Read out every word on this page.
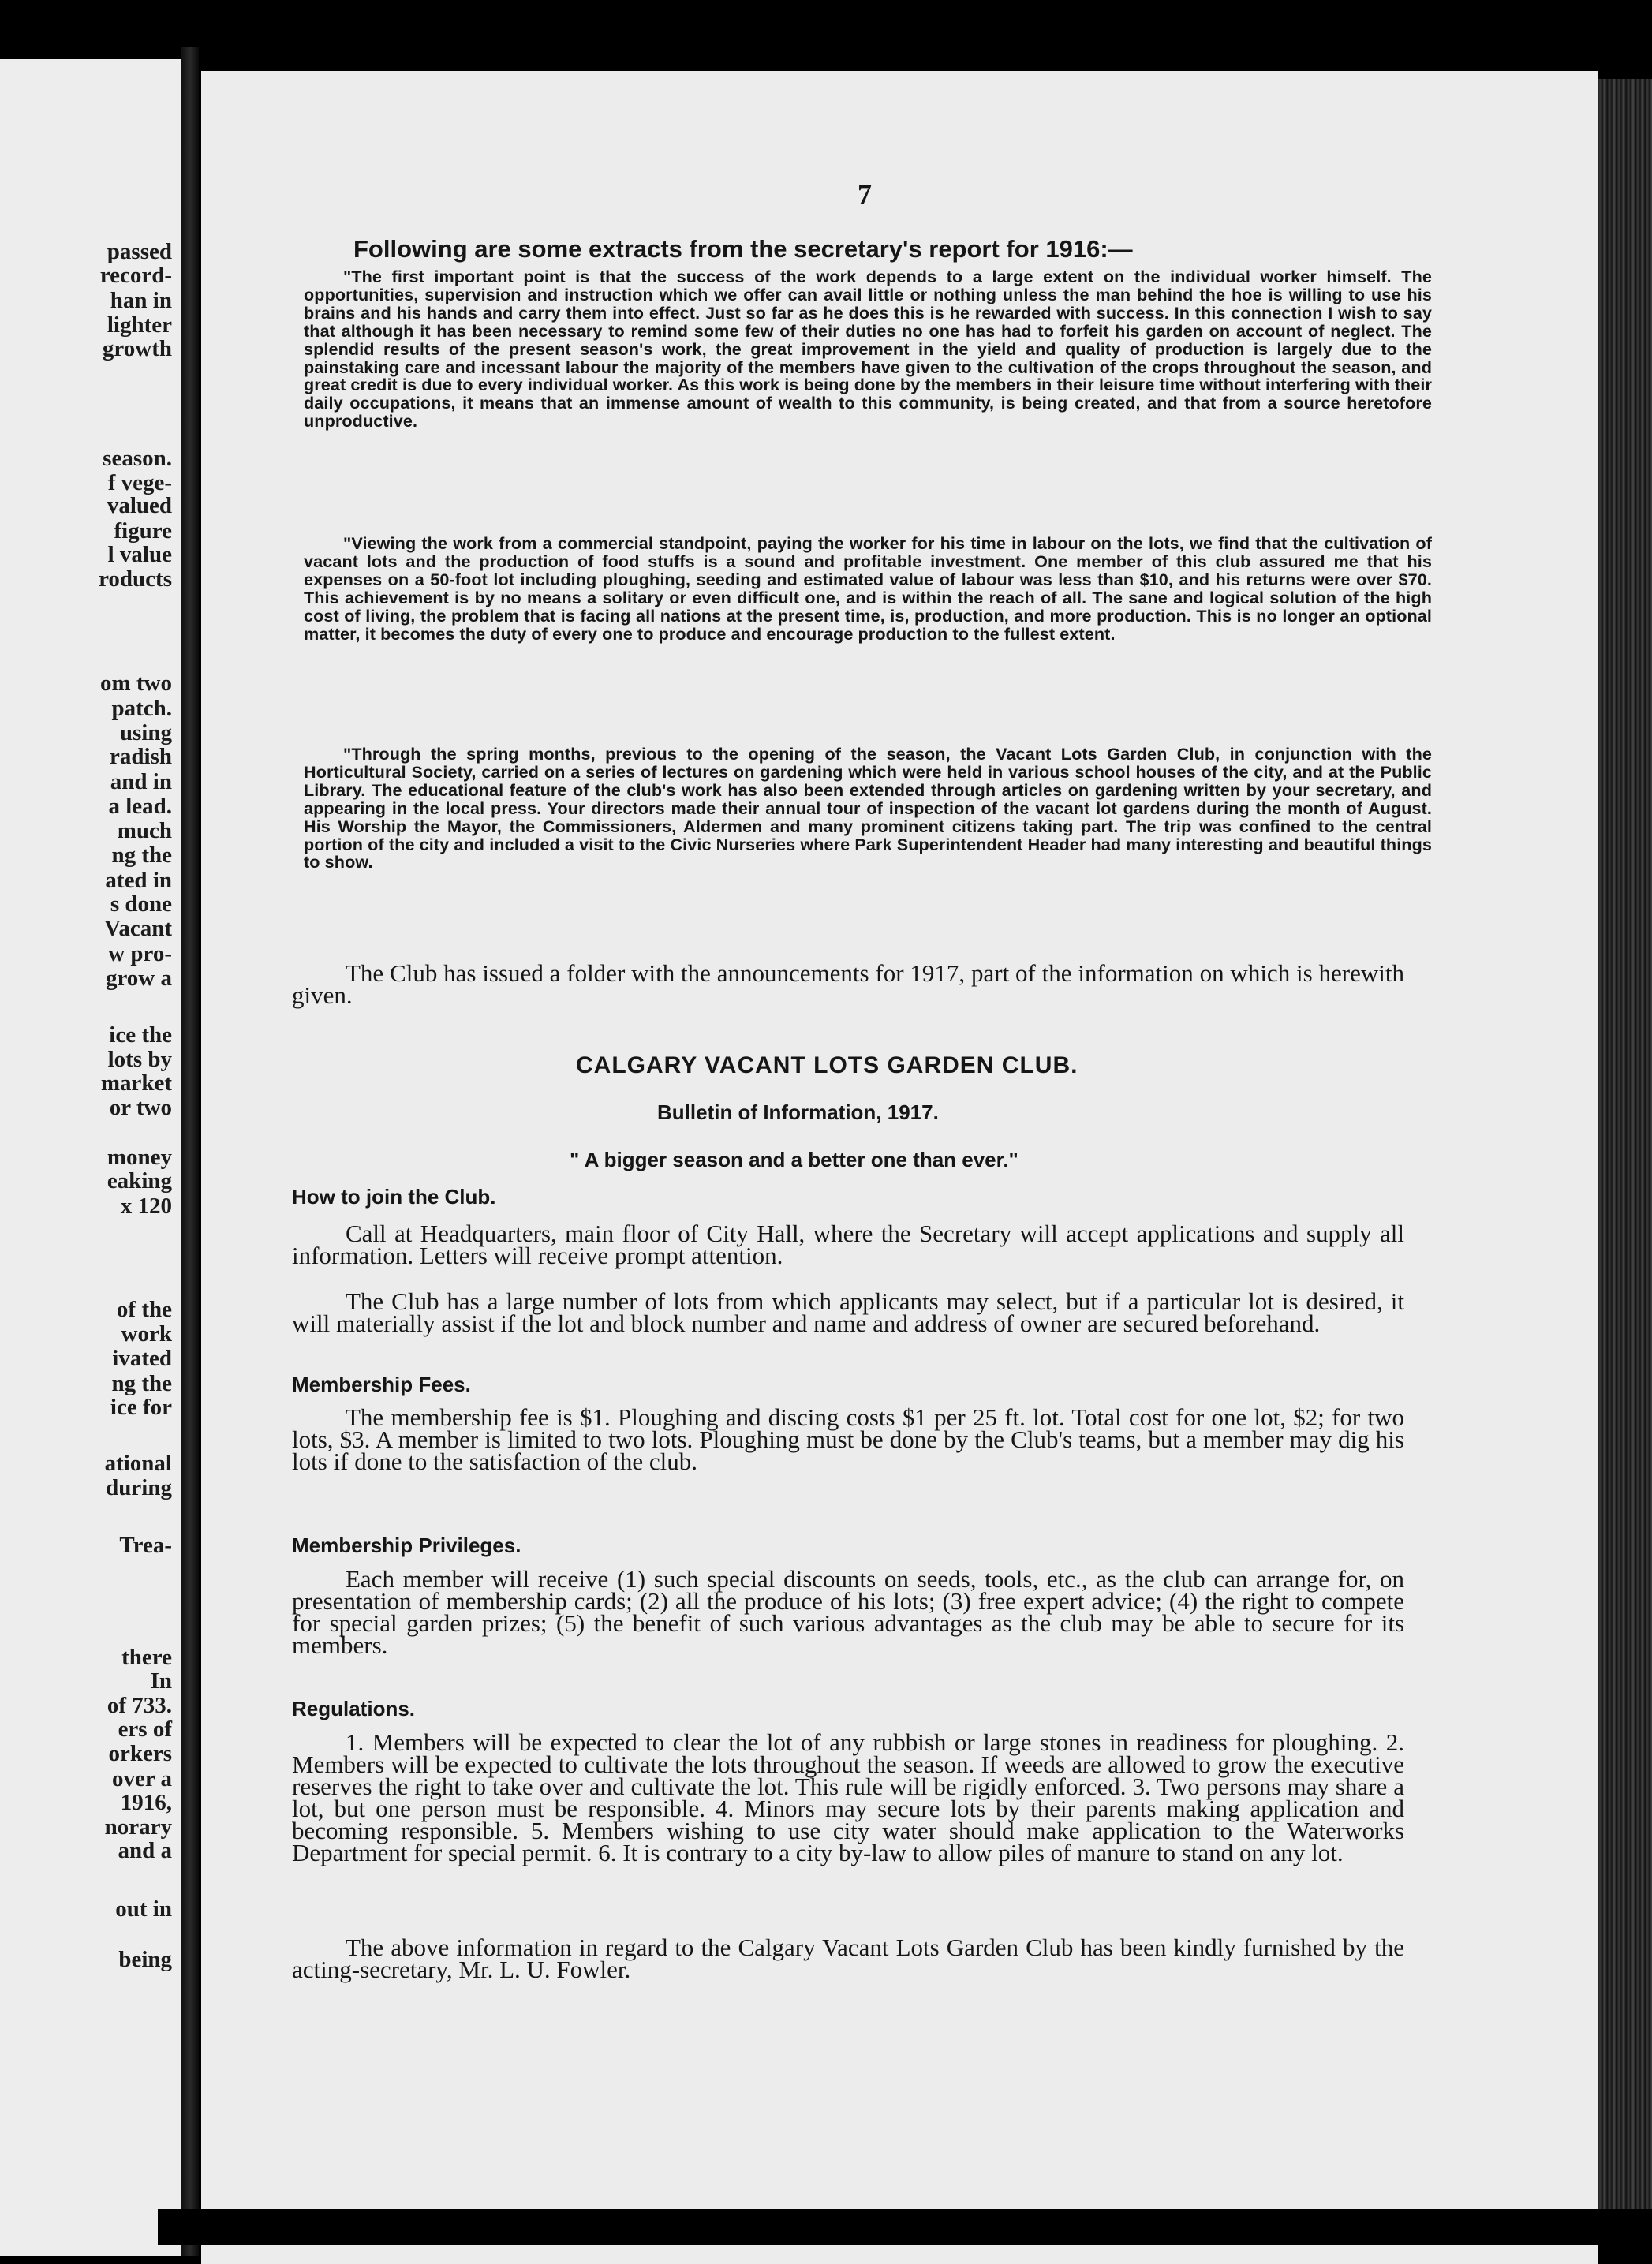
passed
record-
han in
lighter
growth
season.
f vege-
valued
figure
l value
roducts
om two
patch.
using
radish
and in
a lead.
much
ng the
ated in
s done
Vacant
w pro-
grow a
ice the
lots by
market
or two
money
eaking
x 120
of the
work
ivated
ng the
ice for
ational
during
Trea-
there
In
of 733.
ers of
orkers
over a
1916,
norary
and a
out in
being
7
Following are some extracts from the secretary's report for 1916:—

"The first important point is that the success of the work depends to a large extent on the individual worker himself. The opportunities, supervision and instruction which we offer can avail little or nothing unless the man behind the hoe is willing to use his brains and his hands and carry them into effect. Just so far as he does this is he rewarded with success. In this connection I wish to say that although it has been necessary to remind some few of their duties no one has had to forfeit his garden on account of neglect. The splendid results of the present season's work, the great improvement in the yield and quality of production is largely due to the painstaking care and incessant labour the majority of the members have given to the cultivation of the crops throughout the season, and great credit is due to every individual worker. As this work is being done by the members in their leisure time without interfering with their daily occupations, it means that an immense amount of wealth to this community, is being created, and that from a source heretofore unproductive.

"Viewing the work from a commercial standpoint, paying the worker for his time in labour on the lots, we find that the cultivation of vacant lots and the production of food stuffs is a sound and profitable investment. One member of this club assured me that his expenses on a 50-foot lot including ploughing, seeding and estimated value of labour was less than $10, and his returns were over $70. This achievement is by no means a solitary or even difficult one, and is within the reach of all. The sane and logical solution of the high cost of living, the problem that is facing all nations at the present time, is, production, and more production. This is no longer an optional matter, it becomes the duty of every one to produce and encourage production to the fullest extent.

"Through the spring months, previous to the opening of the season, the Vacant Lots Garden Club, in conjunction with the Horticultural Society, carried on a series of lectures on gardening which were held in various school houses of the city, and at the Public Library. The educational feature of the club's work has also been extended through articles on gardening written by your secretary, and appearing in the local press. Your directors made their annual tour of inspection of the vacant lot gardens during the month of August. His Worship the Mayor, the Commissioners, Aldermen and many prominent citizens taking part. The trip was confined to the central portion of the city and included a visit to the Civic Nurseries where Park Superintendent Header had many interesting and beautiful things to show.

The Club has issued a folder with the announcements for 1917, part of the information on which is herewith given.

CALGARY VACANT LOTS GARDEN CLUB.
Bulletin of Information, 1917.
" A bigger season and a better one than ever."
How to join the Club.

Call at Headquarters, main floor of City Hall, where the Secretary will accept applications and supply all information. Letters will receive prompt attention.

The Club has a large number of lots from which applicants may select, but if a particular lot is desired, it will materially assist if the lot and block number and name and address of owner are secured beforehand.

Membership Fees.

The membership fee is $1. Ploughing and discing costs $1 per 25 ft. lot. Total cost for one lot, $2; for two lots, $3. A member is limited to two lots. Ploughing must be done by the Club's teams, but a member may dig his lots if done to the satisfaction of the club.

Membership Privileges.

Each member will receive (1) such special discounts on seeds, tools, etc., as the club can arrange for, on presentation of membership cards; (2) all the produce of his lots; (3) free expert advice; (4) the right to compete for special garden prizes; (5) the benefit of such various advantages as the club may be able to secure for its members.

Regulations.

1. Members will be expected to clear the lot of any rubbish or large stones in readiness for ploughing. 2. Members will be expected to cultivate the lots throughout the season. If weeds are allowed to grow the executive reserves the right to take over and cultivate the lot. This rule will be rigidly enforced. 3. Two persons may share a lot, but one person must be responsible. 4. Minors may secure lots by their parents making application and becoming responsible. 5. Members wishing to use city water should make application to the Waterworks Department for special permit. 6. It is contrary to a city by-law to allow piles of manure to stand on any lot.

The above information in regard to the Calgary Vacant Lots Garden Club has been kindly furnished by the acting-secretary, Mr. L. U. Fowler.
